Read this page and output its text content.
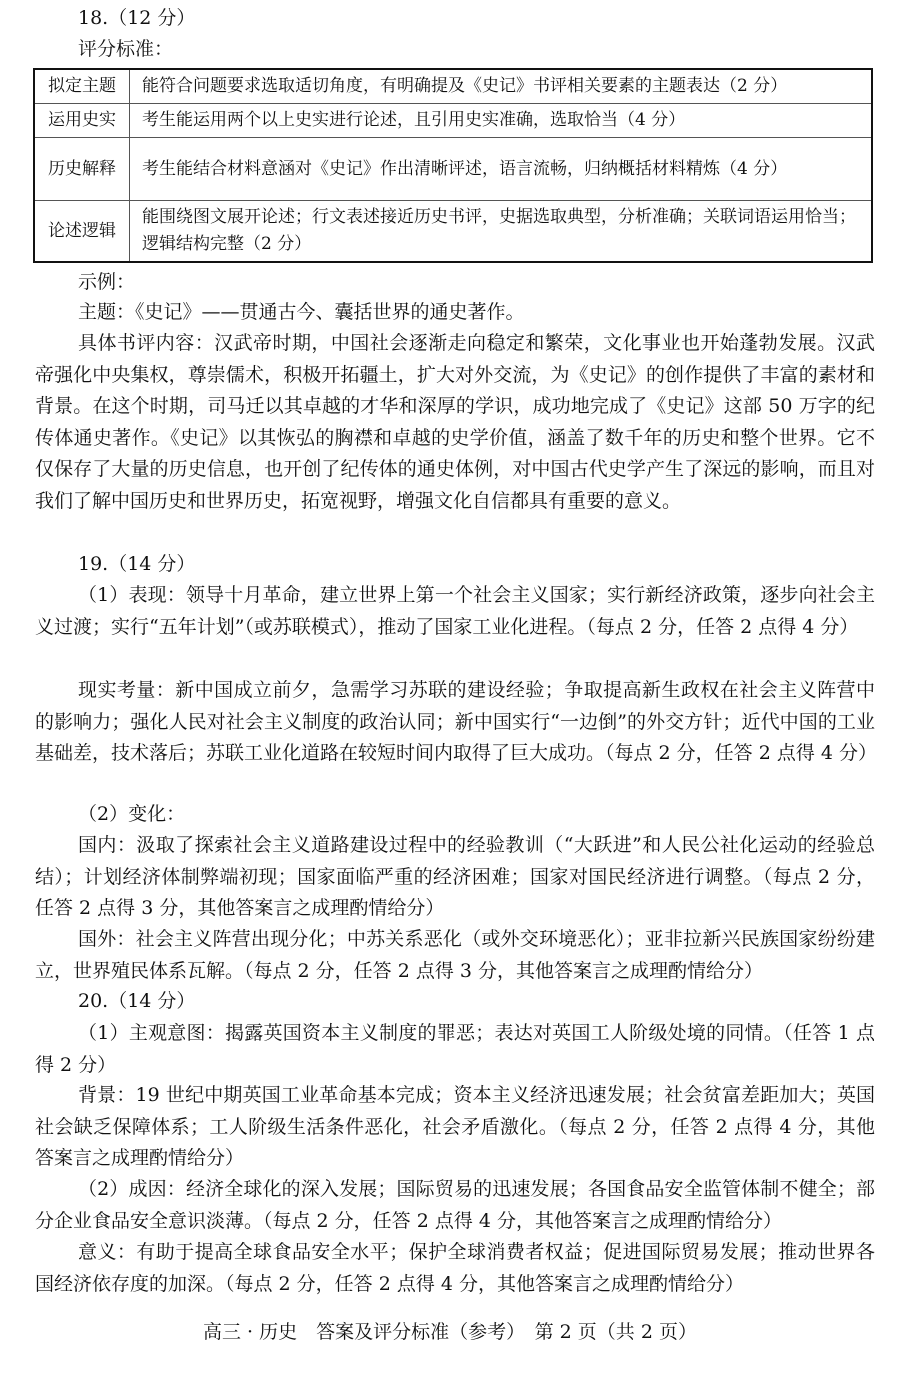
18.（12 分）
评分标准：
拟定主题	能符合问题要求选取适切角度，有明确提及《史记》书评相关要素的主题表达（2 分）
运用史实	考生能运用两个以上史实进行论述，且引用史实准确，选取恰当（4 分）
历史解释	考生能结合材料意涵对《史记》作出清晰评述，语言流畅，归纳概括材料精炼（4 分）
论述逻辑	能围绕图文展开论述；行文表述接近历史书评，史据选取典型，分析准确；关联词语运用恰当；逻辑结构完整（2 分）
示例：
主题：《史记》——贯通古今、囊括世界的通史著作。
具体书评内容：汉武帝时期，中国社会逐渐走向稳定和繁荣，文化事业也开始蓬勃发展。汉武帝强化中央集权，尊崇儒术，积极开拓疆土，扩大对外交流，为《史记》的创作提供了丰富的素材和背景。在这个时期，司马迁以其卓越的才华和深厚的学识，成功地完成了《史记》这部 50 万字的纪传体通史著作。《史记》以其恢弘的胸襟和卓越的史学价值，涵盖了数千年的历史和整个世界。它不仅保存了大量的历史信息，也开创了纪传体的通史体例，对中国古代史学产生了深远的影响，而且对我们了解中国历史和世界历史，拓宽视野，增强文化自信都具有重要的意义。
19.（14 分）
（1）表现：领导十月革命，建立世界上第一个社会主义国家；实行新经济政策，逐步向社会主义过渡；实行“五年计划”（或苏联模式），推动了国家工业化进程。（每点 2 分，任答 2 点得 4 分）
现实考量：新中国成立前夕，急需学习苏联的建设经验；争取提高新生政权在社会主义阵营中的影响力；强化人民对社会主义制度的政治认同；新中国实行“一边倒”的外交方针；近代中国的工业基础差，技术落后；苏联工业化道路在较短时间内取得了巨大成功。（每点 2 分，任答 2 点得 4 分）
（2）变化：
国内：汲取了探索社会主义道路建设过程中的经验教训（“大跃进”和人民公社化运动的经验总结）；计划经济体制弊端初现；国家面临严重的经济困难；国家对国民经济进行调整。（每点 2 分，任答 2 点得 3 分，其他答案言之成理酌情给分）
国外：社会主义阵营出现分化；中苏关系恶化（或外交环境恶化）；亚非拉新兴民族国家纷纷建立，世界殖民体系瓦解。（每点 2 分，任答 2 点得 3 分，其他答案言之成理酌情给分）
20.（14 分）
（1）主观意图：揭露英国资本主义制度的罪恶；表达对英国工人阶级处境的同情。（任答 1 点得 2 分）
背景：19 世纪中期英国工业革命基本完成；资本主义经济迅速发展；社会贫富差距加大；英国社会缺乏保障体系；工人阶级生活条件恶化，社会矛盾激化。（每点 2 分，任答 2 点得 4 分，其他答案言之成理酌情给分）
（2）成因：经济全球化的深入发展；国际贸易的迅速发展；各国食品安全监管体制不健全；部分企业食品安全意识淡薄。（每点 2 分，任答 2 点得 4 分，其他答案言之成理酌情给分）
意义：有助于提高全球食品安全水平；保护全球消费者权益；促进国际贸易发展；推动世界各国经济依存度的加深。（每点 2 分，任答 2 点得 4 分，其他答案言之成理酌情给分）
高三 · 历史　答案及评分标准（参考）　第 2 页（共 2 页）
